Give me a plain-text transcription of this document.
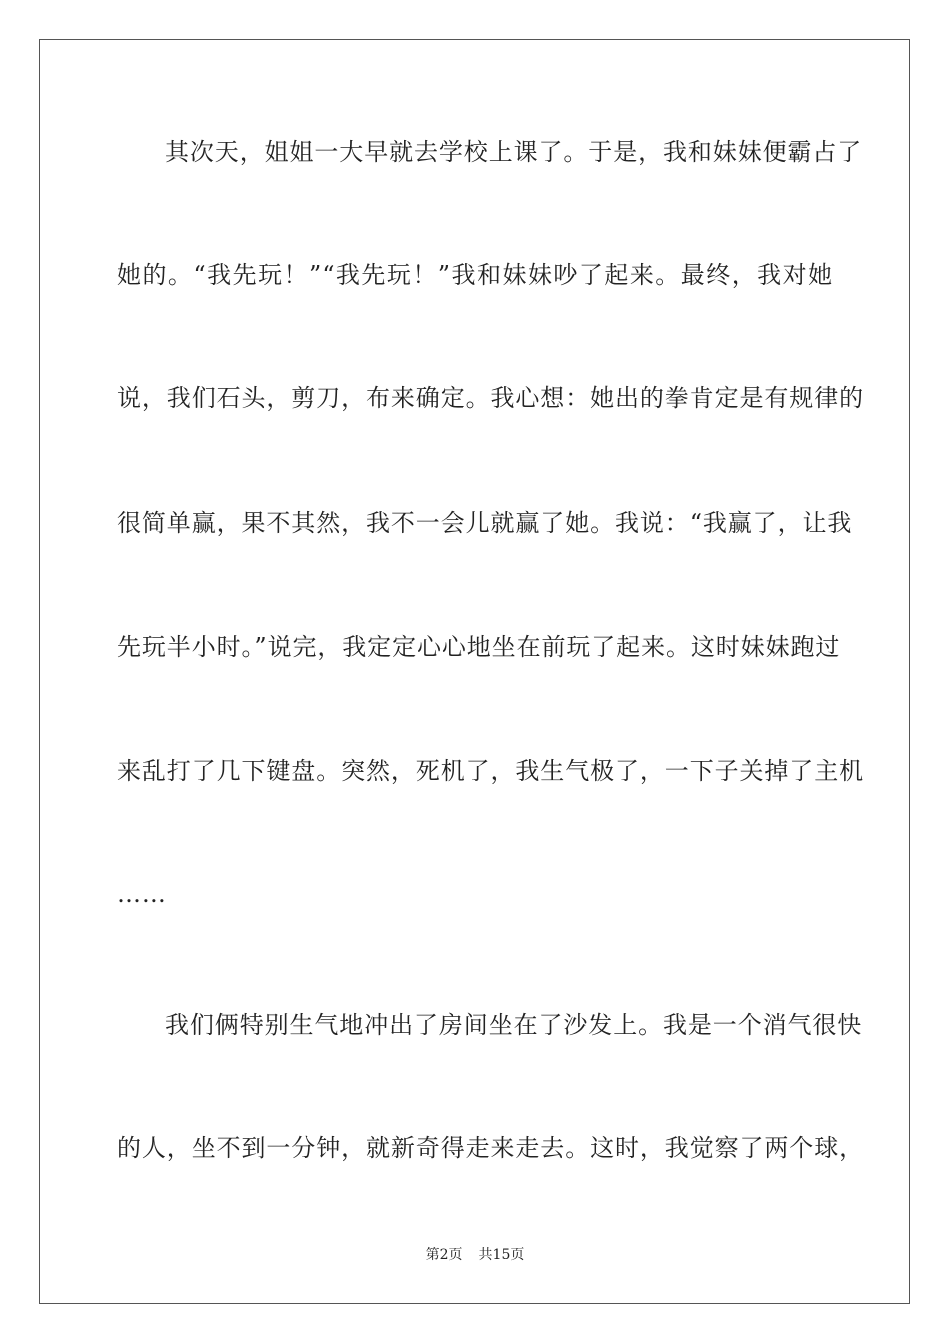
其次天，姐姐一大早就去学校上课了。于是，我和妹妹便霸占了
她的。“我先玩！”“我先玩！”我和妹妹吵了起来。最终，我对她
说，我们石头，剪刀，布来确定。我心想：她出的拳肯定是有规律的
很简单赢，果不其然，我不一会儿就赢了她。我说：“我赢了，让我
先玩半小时。”说完，我定定心心地坐在前玩了起来。这时妹妹跑过
来乱打了几下键盘。突然，死机了，我生气极了，一下子关掉了主机
……
我们俩特别生气地冲出了房间坐在了沙发上。我是一个消气很快
的人，坐不到一分钟，就新奇得走来走去。这时，我觉察了两个球，
第2页 共15页
